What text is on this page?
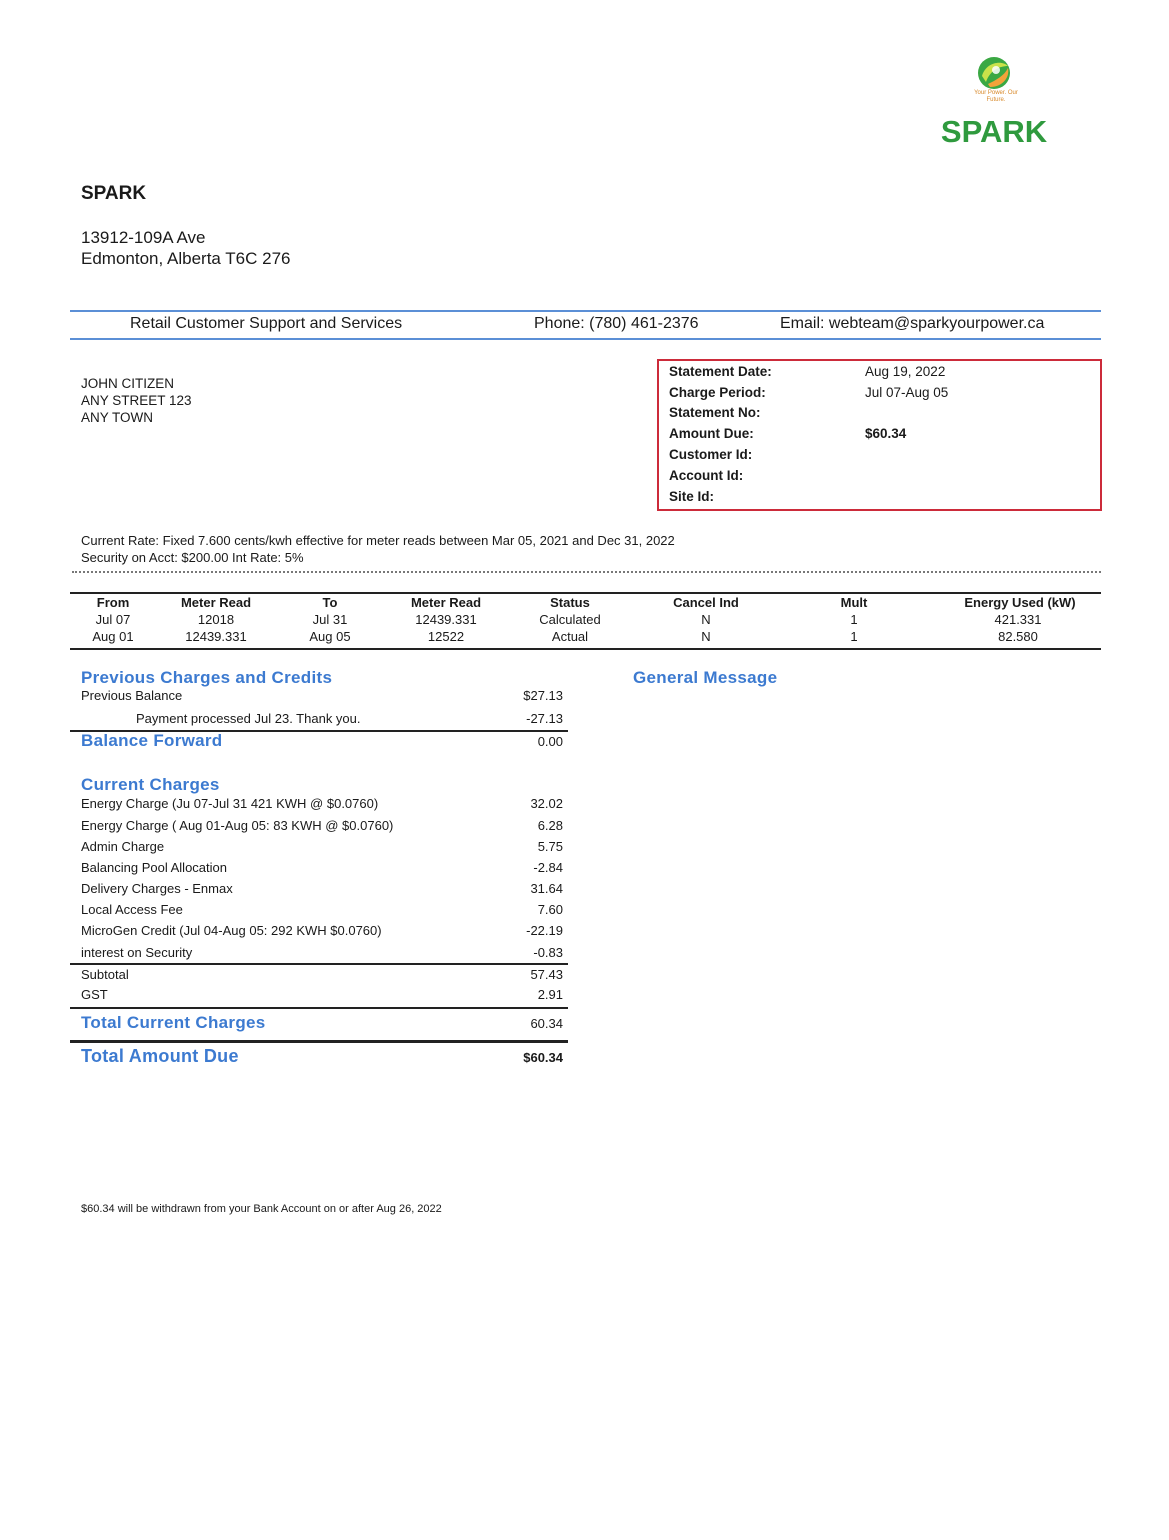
Your Power. Our Future.
SPARK
SPARK
13912-109A Ave
Edmonton, Alberta T6C 276
Retail Customer Support and Services	Phone: (780) 461-2376	Email: webteam@sparkyourpower.ca
JOHN CITIZEN
ANY STREET 123
ANY TOWN
Statement Date:	Aug 19, 2022
Charge Period:	Jul 07-Aug 05
Statement No:
Amount Due:	$60.34
Customer Id:
Account Id:
Site Id:
Current Rate: Fixed 7.600 cents/kwh effective for meter reads between Mar 05, 2021 and Dec 31, 2022
Security on Acct: $200.00 Int Rate: 5%
From	Meter Read	To	Meter Read	Status	Cancel Ind	Mult	Energy Used (kW)
Jul 07	12018	Jul 31	12439.331	Calculated	N	1	421.331
Aug 01	12439.331	Aug 05	12522	Actual	N	1	82.580
Previous Charges and Credits
Previous Balance	$27.13
Payment processed Jul 23. Thank you.	-27.13
Balance Forward	0.00
General Message
Current Charges
Energy Charge (Ju 07-Jul 31 421 KWH @ $0.0760)	32.02
Energy Charge ( Aug 01-Aug 05: 83 KWH @ $0.0760)	6.28
Admin Charge	5.75
Balancing Pool Allocation	-2.84
Delivery Charges - Enmax	31.64
Local Access Fee	7.60
MicroGen Credit (Jul 04-Aug 05: 292 KWH $0.0760)	-22.19
interest on Security	-0.83
Subtotal	57.43
GST	2.91
Total Current Charges	60.34
Total Amount Due	$60.34
$60.34 will be withdrawn from your Bank Account on or after Aug 26, 2022
